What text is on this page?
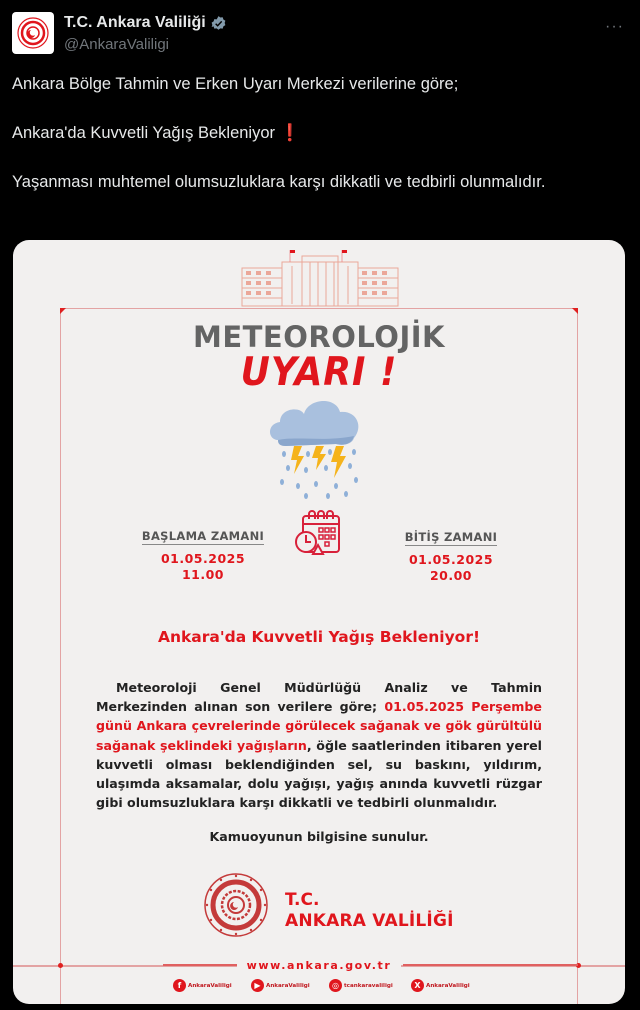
T.C. Ankara Valiliği
@AnkaraValiligi
···

Ankara Bölge Tahmin ve Erken Uyarı Merkezi verilerine göre;

Ankara'da Kuvvetli Yağış Bekleniyor ❗

Yaşanması muhtemel olumsuzluklara karşı dikkatli ve tedbirli olunmalıdır.

METEOROLOJİK
UYARI !
BAŞLAMA ZAMANI
01.05.2025
11.00
BİTİŞ ZAMANI
01.05.2025
20.00
Ankara'da Kuvvetli Yağış Bekleniyor!
Meteoroloji Genel Müdürlüğü Analiz ve Tahmin Merkezinden alınan son verilere göre; 01.05.2025 Perşembe günü Ankara çevrelerinde görülecek sağanak ve gök gürültülü sağanak şeklindeki yağışların, öğle saatlerinden itibaren yerel kuvvetli olması beklendiğinden sel, su baskını, yıldırım, ulaşımda aksamalar, dolu yağışı, yağış anında kuvvetli rüzgar gibi olumsuzluklara karşı dikkatli ve tedbirli olunmalıdır.
Kamuoyunun bilgisine sunulur.
T.C.
ANKARA VALİLİĞİ
www.ankara.gov.tr
f	AnkaraValiligi	▶ AnkaraValiligi	◎ tcankaravaliligi	X AnkaraValiligi
